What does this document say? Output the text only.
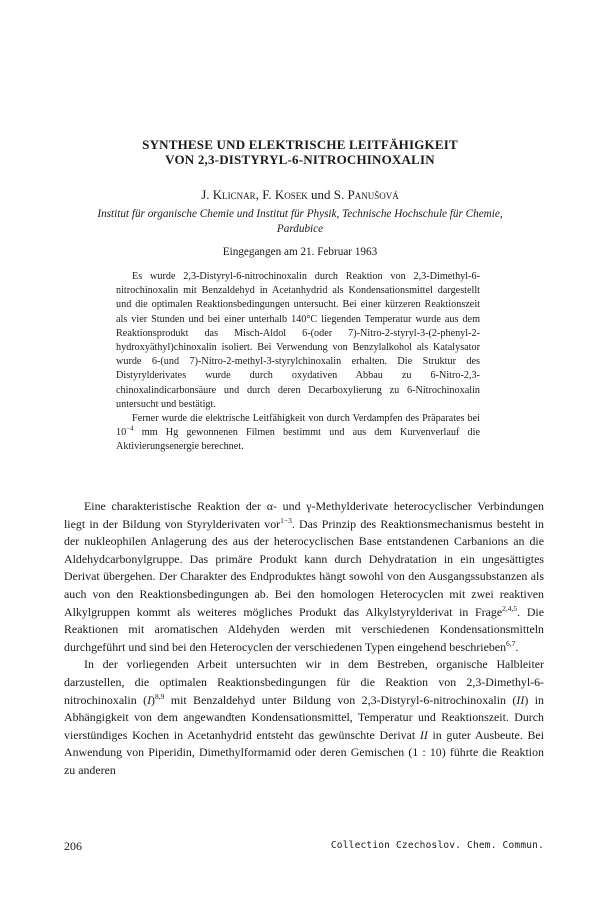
SYNTHESE UND ELEKTRISCHE LEITFÄHIGKEIT
VON 2,3-DISTYRYL-6-NITROCHINOXALIN
J. Klicnar, F. Kosek und S. Panušová
Institut für organische Chemie und Institut für Physik, Technische Hochschule für Chemie,
Pardubice
Eingegangen am 21. Februar 1963

Es wurde 2,3-Distyryl-6-nitrochinoxalin durch Reaktion von 2,3-Dimethyl-6-nitrochinoxalin mit Benzaldehyd in Acetanhydrid als Kondensationsmittel dargestellt und die optimalen Reaktionsbedingungen untersucht. Bei einer kürzeren Reaktionszeit als vier Stunden und bei einer unterhalb 140°C liegenden Temperatur wurde aus dem Reaktionsprodukt das Misch-Aldol 6-(oder 7)-Nitro-2-styryl-3-(2-phenyl-2-hydroxyäthyl)chinoxalin isoliert. Bei Verwendung von Benzylalkohol als Katalysator wurde 6-(und 7)-Nitro-2-methyl-3-styrylchinoxalin erhalten. Die Struktur des Distyrylderivates wurde durch oxydativen Abbau zu 6-Nitro-2,3-chinoxalindicarbonsäure und durch deren Decarboxylierung zu 6-Nitrochinoxalin untersucht und bestätigt.

Ferner wurde die elektrische Leitfähigkeit von durch Verdampfen des Präparates bei $10^{-4}$ mm Hg gewonnenen Filmen bestimmt und aus dem Kurvenverlauf die Aktivierungsenergie berechnet.

Eine charakteristische Reaktion der α- und γ-Methylderivate heterocyclischer Verbindungen liegt in der Bildung von Styrylderivaten vor$^{1-3}$. Das Prinzip des Reaktionsmechanismus besteht in der nukleophilen Anlagerung des aus der heterocyclischen Base entstandenen Carbanions an die Aldehydcarbonylgruppe. Das primäre Produkt kann durch Dehydratation in ein ungesättigtes Derivat übergehen. Der Charakter des Endproduktes hängt sowohl von den Ausgangssubstanzen als auch von den Reaktionsbedingungen ab. Bei den homologen Heterocyclen mit zwei reaktiven Alkylgruppen kommt als weiteres mögliches Produkt das Alkylstyrylderivat in Frage$^{2,4,5}$. Die Reaktionen mit aromatischen Aldehyden werden mit verschiedenen Kondensationsmitteln durchgeführt und sind bei den Heterocyclen der verschiedenen Typen eingehend beschrieben$^{6,7}$.

In der vorliegenden Arbeit untersuchten wir in dem Bestreben, organische Halbleiter darzustellen, die optimalen Reaktionsbedingungen für die Reaktion von 2,3-Dimethyl-6-nitrochinoxalin $(I)^{8,9}$ mit Benzaldehyd unter Bildung von 2,3-Distyryl-6-nitrochinoxalin (II) in Abhängigkeit von dem angewandten Kondensationsmittel, Temperatur und Reaktionszeit. Durch vierstündiges Kochen in Acetanhydrid entsteht das gewünschte Derivat II in guter Ausbeute. Bei Anwendung von Piperidin, Dimethylformamid oder deren Gemischen (1 : 10) führte die Reaktion zu anderen

206	Collection Czechoslov. Chem. Commun.
